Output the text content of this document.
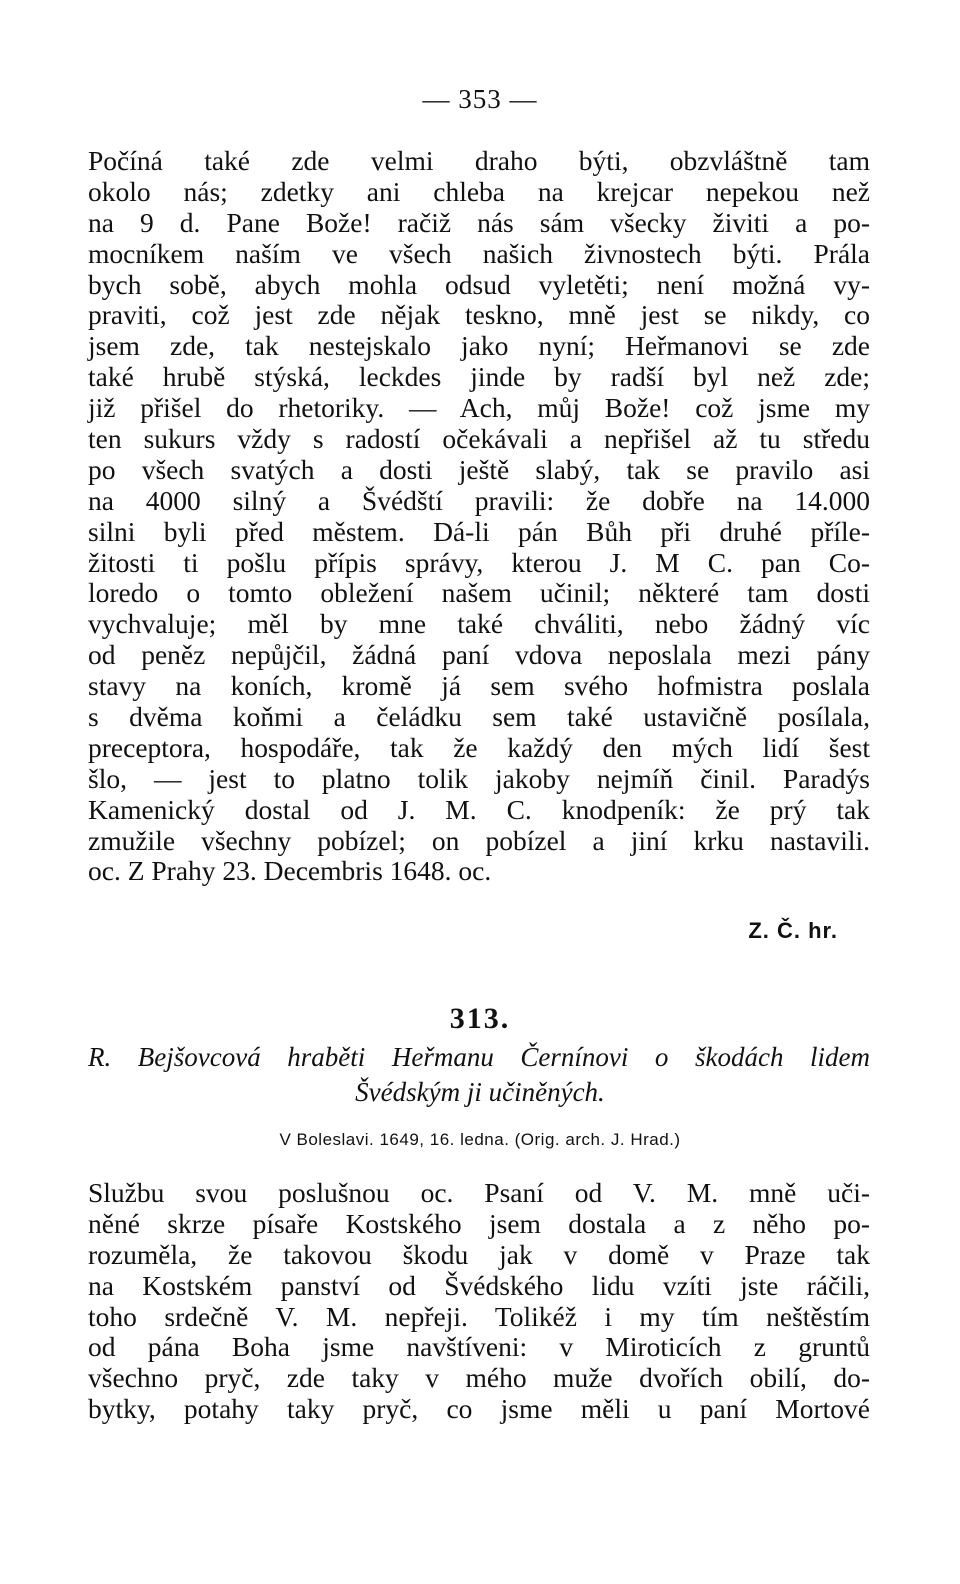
— 353 —
Počíná také zde velmi draho býti, obzvláštně tam
okolo nás; zdetky ani chleba na krejcar nepekou než
na 9 d. Pane Bože! račiž nás sám všecky živiti a po-
mocníkem naším ve všech našich živnostech býti. Prála
bych sobě, abych mohla odsud vyletěti; není možná vy-
praviti, což jest zde nějak teskno, mně jest se nikdy, co
jsem zde, tak nestejskalo jako nyní; Heřmanovi se zde
také hrubě stýská, leckdes jinde by radší byl než zde;
již přišel do rhetoriky. — Ach, můj Bože! což jsme my
ten sukurs vždy s radostí očekávali a nepřišel až tu středu
po všech svatých a dosti ještě slabý, tak se pravilo asi
na 4000 silný a Švédští pravili: že dobře na 14.000
silni byli před městem. Dá-li pán Bůh při druhé příle-
žitosti ti pošlu přípis správy, kterou J. M C. pan Co-
loredo o tomto obležení našem učinil; některé tam dosti
vychvaluje; měl by mne také chváliti, nebo žádný víc
od peněz nepůjčil, žádná paní vdova neposlala mezi pány
stavy na koních, kromě já sem svého hofmistra poslala
s dvěma koňmi a čeládku sem také ustavičně posílala,
preceptora, hospodáře, tak že každý den mých lidí šest
šlo, — jest to platno tolik jakoby nejmíň činil. Paradýs
Kamenický dostal od J. M. C. knodpeník: že prý tak
zmužile všechny pobízel; on pobízel a jiní krku nastavili.
oc. Z Prahy 23. Decembris 1648. oc.
Z. Č. hr.
313.
R. Bejšovcová hraběti Heřmanu Černínovi o škodách lidem
Švédským ji učiněných.
V Boleslavi. 1649, 16. ledna. (Orig. arch. J. Hrad.)
Službu svou poslušnou oc. Psaní od V. M. mně uči-
něné skrze písaře Kostského jsem dostala a z něho po-
rozuměla, že takovou škodu jak v domě v Praze tak
na Kostském panství od Švédského lidu vzíti jste ráčili,
toho srdečně V. M. nepřeji. Tolikéž i my tím neštěstím
od pána Boha jsme navštíveni: v Miroticích z gruntů
všechno pryč, zde taky v mého muže dvořích obilí, do-
bytky, potahy taky pryč, co jsme měli u paní Mortové
